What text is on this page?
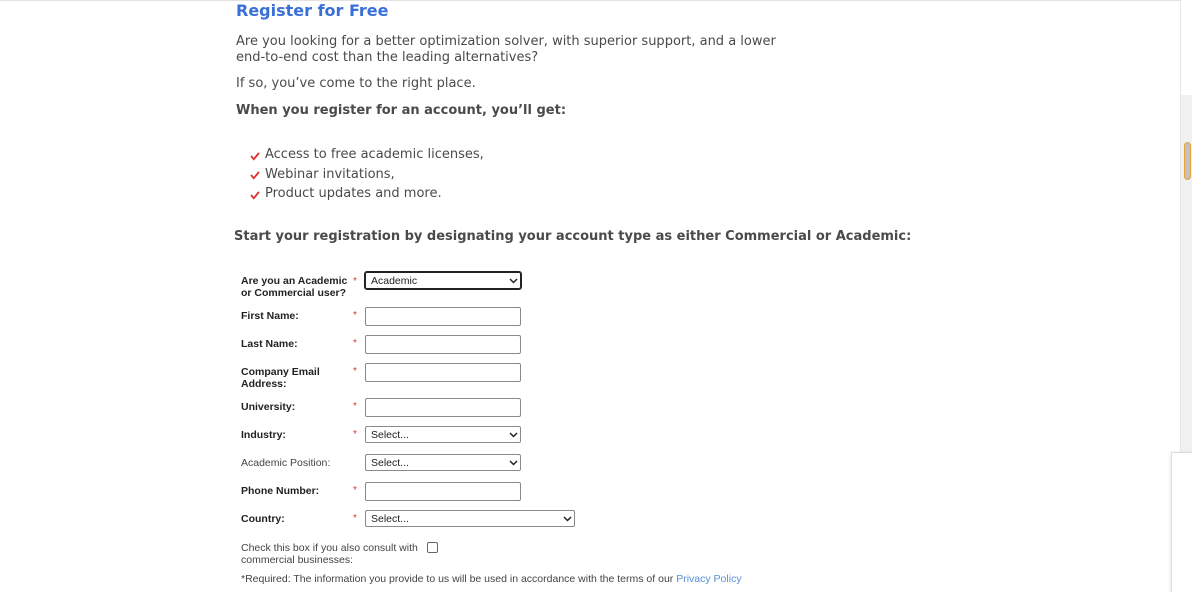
Register for Free

Are you looking for a better optimization solver, with superior support, and a lower end-to-end cost than the leading alternatives?

If so, you’ve come to the right place.

When you register for an account, you’ll get:
Access to free academic licenses,
Webinar invitations,
Product updates and more.
Start your registration by designating your account type as either Commercial or Academic:
Are you an Academic or Commercial user?
* Academic
First Name:	*
Last Name:	*
Company Email Address:
*
University:	*
Industry:	* Select...
Academic Position:	Select...
Phone Number:	*
Country:	* Select...
Check this box if you also consult with commercial businesses:
*Required: The information you provide to us will be used in accordance with the terms of our Privacy Policy
